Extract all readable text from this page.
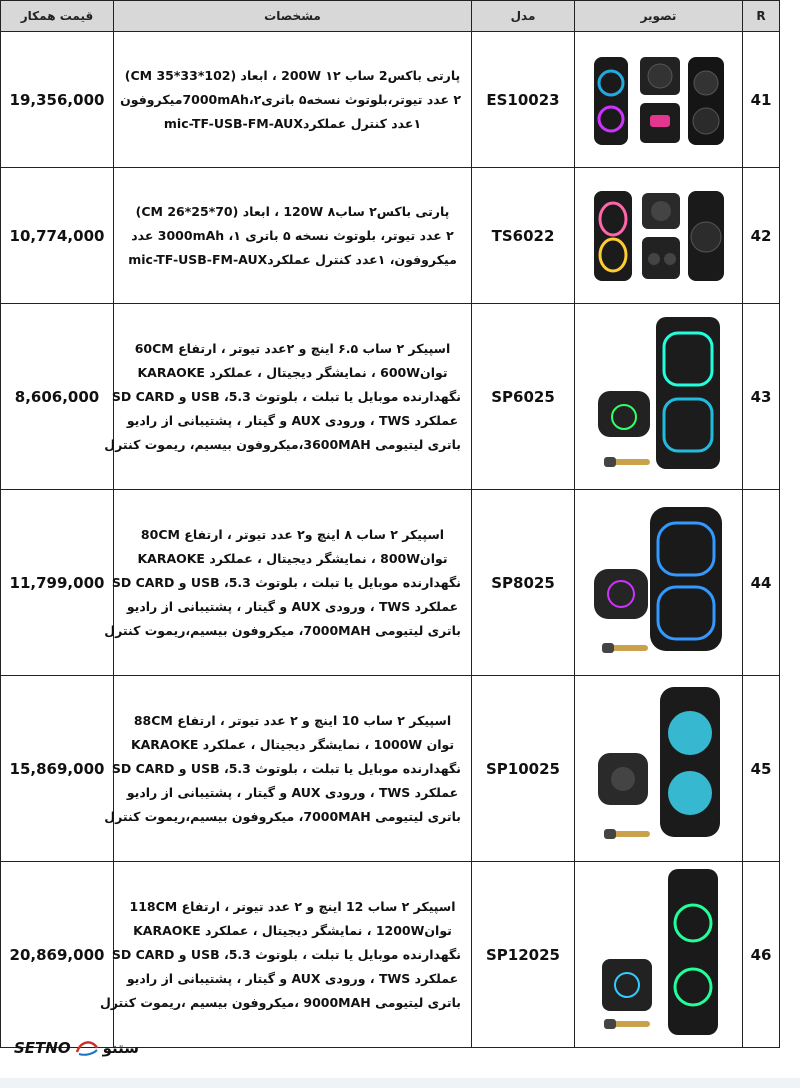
قیمت همکار	مشخصات	مدل	تصویر	R
19,356,000	پارتی باکس2 ساب ۱۲ 200W ، ابعاد (102*33*35 CM)
۲ عدد تیوتر،بلوتوث نسخه۵ باتری7000mAh،۲میکروفون
۱عدد کنترل عملکردmic-TF-USB-FM-AUX	ES10023		41
10,774,000	پارتی باکس۲ ساب۸ 120W ، ابعاد (70*25*26 CM)
۲ عدد تیوتر، بلوتوث نسخه ۵ باتری 3000mAh ،۱ عدد
میکروفون، ۱عدد کنترل عملکردmic-TF-USB-FM-AUX	TS6022		42
8,606,000	اسپیکر ۲ ساب ۶.۵ اینچ و ۲عدد تیوتر ، ارتفاع 60CM
توان600W ، نمایشگر دیجیتال ، عملکرد KARAOKE
نگهدارنده موبایل یا تبلت ، بلوتوث USB ،5.3 و SD CARD
عملکرد TWS ، ورودی AUX و گیتار ، پشتیبانی از رادیو
باتری لیتیومی 3600MAH،میکروفون بیسیم، ریموت کنترل	SP6025		43
11,799,000	اسپیکر ۲ ساب ۸ اینچ و۲ عدد تیوتر ، ارتفاع 80CM
توان800W ، نمایشگر دیجیتال ، عملکرد KARAOKE
نگهدارنده موبایل یا تبلت ، بلوتوث USB ،5.3 و SD CARD
عملکرد TWS ، ورودی AUX و گیتار ، پشتیبانی از رادیو
باتری لیتیومی 7000MAH، میکروفون بیسیم،ریموت کنترل	SP8025		44
15,869,000	اسپیکر ۲ ساب 10 اینچ و ۲ عدد تیوتر ، ارتفاع 88CM
توان 1000W ، نمایشگر دیجیتال ، عملکرد KARAOKE
نگهدارنده موبایل یا تبلت ، بلوتوث USB ،5.3 و SD CARD
عملکرد TWS ، ورودی AUX و گیتار ، پشتیبانی از رادیو
باتری لیتیومی 7000MAH، میکروفون بیسیم،ریموت کنترل	SP10025		45
20,869,000	اسپیکر ۲ ساب 12 اینچ و ۲ عدد تیوتر ، ارتفاع 118CM
توان1200W ، نمایشگر دیجیتال ، عملکرد KARAOKE
نگهدارنده موبایل یا تبلت ، بلوتوث USB ،5.3 و SD CARD
عملکرد TWS ، ورودی AUX و گیتار ، پشتیبانی از رادیو
باتری لیتیومی 9000MAH ،میکروفون بیسیم ،ریموت کنترل	SP12025		46
SETNO ستنو
